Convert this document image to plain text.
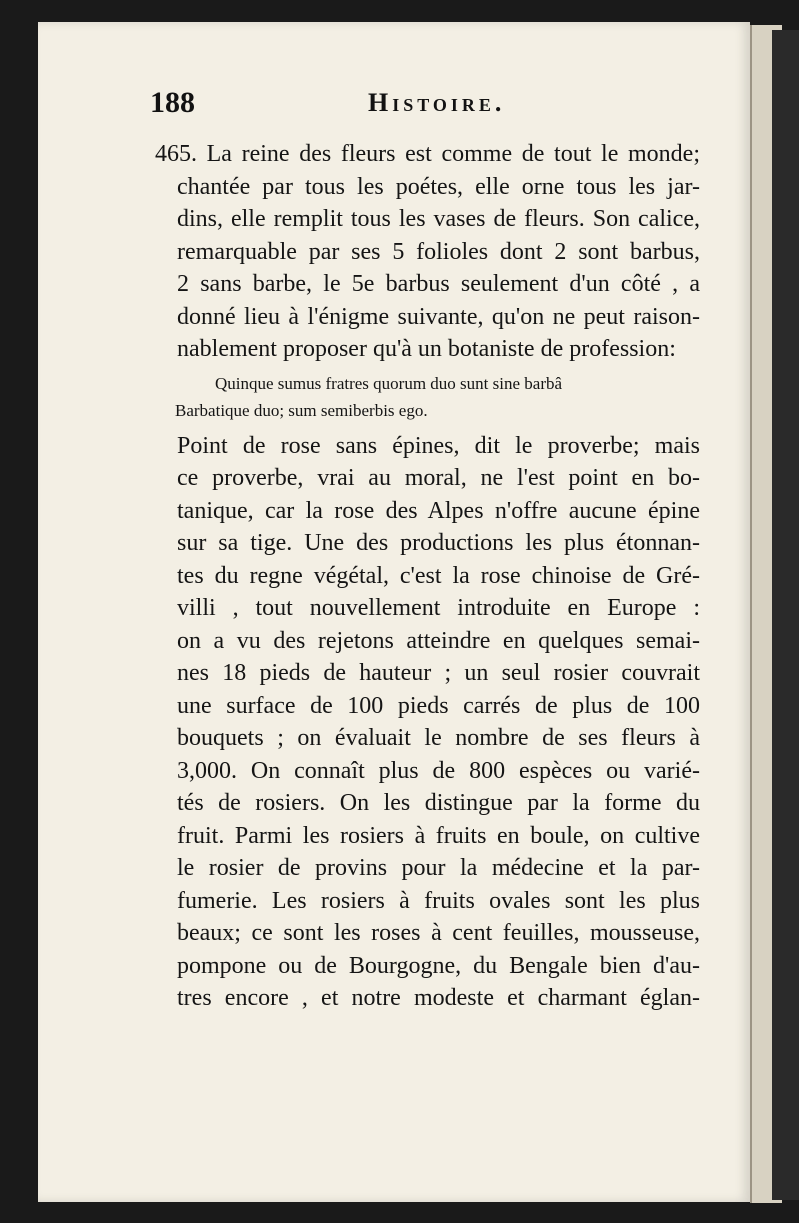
188	Histoire.
465. La reine des fleurs est comme de tout le monde;
chantée par tous les poétes, elle orne tous les jar-
dins, elle remplit tous les vases de fleurs. Son calice,
remarquable par ses 5 folioles dont 2 sont barbus,
2 sans barbe, le 5e barbus seulement d'un côté , a
donné lieu à l'énigme suivante, qu'on ne peut raison-
nablement proposer qu'à un botaniste de profession:
Quinque sumus fratres quorum duo sunt sine barbâ
Barbatique duo; sum semiberbis ego.
Point de rose sans épines, dit le proverbe; mais
ce proverbe, vrai au moral, ne l'est point en bo-
tanique, car la rose des Alpes n'offre aucune épine
sur sa tige. Une des productions les plus étonnan-
tes du regne végétal, c'est la rose chinoise de Gré-
villi , tout nouvellement introduite en Europe :
on a vu des rejetons atteindre en quelques semai-
nes 18 pieds de hauteur ; un seul rosier couvrait
une surface de 100 pieds carrés de plus de 100
bouquets ; on évaluait le nombre de ses fleurs à
3,000. On connaît plus de 800 espèces ou varié-
tés de rosiers. On les distingue par la forme du
fruit. Parmi les rosiers à fruits en boule, on cultive
le rosier de provins pour la médecine et la par-
fumerie. Les rosiers à fruits ovales sont les plus
beaux; ce sont les roses à cent feuilles, mousseuse,
pompone ou de Bourgogne, du Bengale bien d'au-
tres encore , et notre modeste et charmant églan-
